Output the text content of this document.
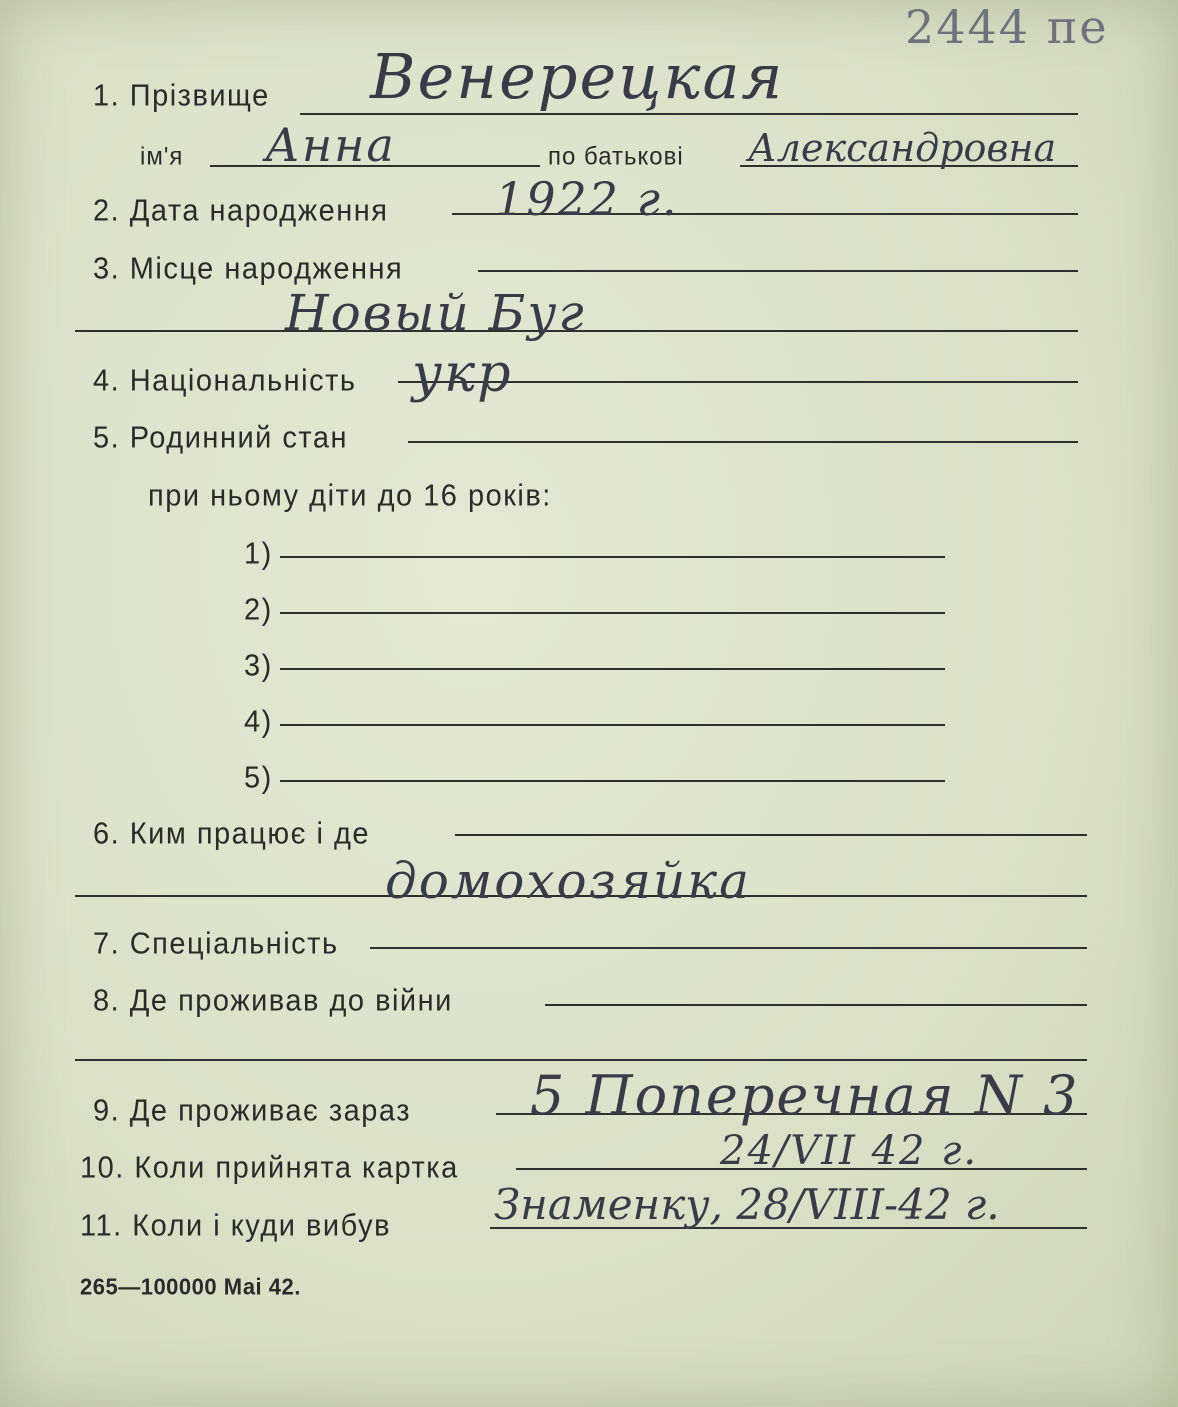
2444 пе
1. Прізвище Венерецкая
ім'я Анна	по батькові Александровна
2. Дата народження 1922 г.
3. Місце народження
Новый Буг
4. Національність укр
5. Родинний стан
при ньому діти до 16 років:
1)
2)
3)
4)
5)
6. Ким працює і де
домохозяйка
7. Спеціальність
8. Де проживав до війни
9. Де проживає зараз 5 Поперечная N 3
10. Коли прийнята картка	24/VII 42 г.
11. Коли і куди вибув Знаменку, 28/VIII-42 г.
265—100000 Маі 42.
